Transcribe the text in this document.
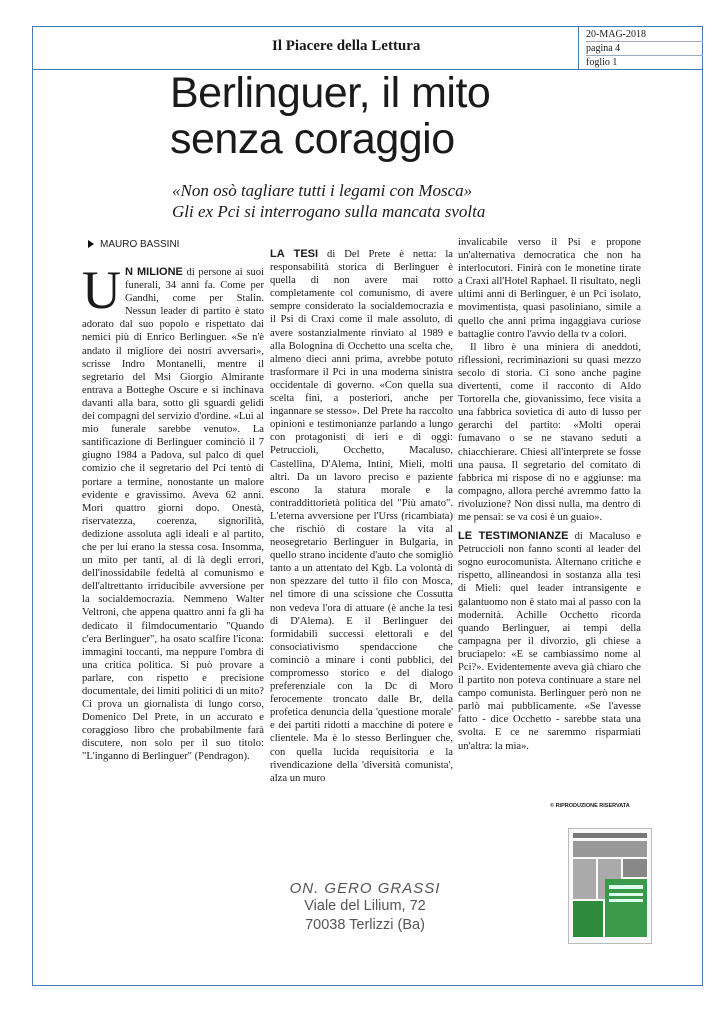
Il Piacere della Lettura
20-MAG-2018
pagina 4
foglio 1
Berlinguer, il mito
senza coraggio
«Non osò tagliare tutti i legami con Mosca»
Gli ex Pci si interrogano sulla mancata svolta
MAURO BASSINI

U N MILIONE di persone ai suoi funerali, 34 anni fa. Come per Gandhi, come per Stalin. Nessun leader di partito è stato adorato dal suo popolo e rispettato dai nemici più di Enrico Berlinguer. «Se n'è andato il migliore dei nostri avversari», scrisse Indro Montanelli, mentre il segretario del Msi Giorgio Almirante entrava a Botteghe Oscure e si inchinava davanti alla bara, sotto gli sguardi gelidi dei compagni del servizio d'ordine. «Lui al mio funerale sarebbe venuto». La santificazione di Berlinguer cominciò il 7 giugno 1984 a Padova, sul palco di quel comizio che il segretario del Pci tentò di portare a termine, nonostante un malore evidente e gravissimo. Aveva 62 anni. Morì quattro giorni dopo. Onestà, riservatezza, coerenza, signorilità, dedizione assoluta agli ideali e al partito, che per lui erano la stessa cosa. Insomma, un mito per tanti, al di là degli errori, dell'inossidabile fedeltà al comunismo e dell'altrettanto irriducibile avversione per la socialdemocrazia. Nemmeno Walter Veltroni, che appena quattro anni fa gli ha dedicato il filmdocumentario "Quando c'era Berlinguer", ha osato scalfire l'icona: immagini toccanti, ma neppure l'ombra di una critica politica. Si può provare a parlare, con rispetto e precisione documentale, dei limiti politici di un mito? Ci prova un giornalista di lungo corso, Domenico Del Prete, in un accurato e coraggioso libro che probabilmente farà discutere, non solo per il suo titolo: "L'inganno di Berlinguer" (Pendragon).

LA TESI di Del Prete è netta: la responsabilità storica di Berlinguer è quella di non avere mai rotto completamente col comunismo, di avere sempre considerato la socialdemocrazia e il Psi di Craxi come il male assoluto, di avere sostanzialmente rinviato al 1989 e alla Bolognina di Occhetto una scelta che, almeno dieci anni prima, avrebbe potuto trasformare il Pci in una moderna sinistra occidentale di governo. «Con quella sua scelta finì, a posteriori, anche per ingannare se stesso». Del Prete ha raccolto opinioni e testimonianze parlando a lungo con protagonisti di ieri e di oggi: Petruccioli, Occhetto, Macaluso, Castellina, D'Alema, Intini, Mieli, molti altri. Da un lavoro preciso e paziente escono la statura morale e la contraddittorietà politica del "Più amato". L'eterna avversione per l'Urss (ricambiata) che rischiò di costare la vita al neosegretario Berlinguer in Bulgaria, in quello strano incidente d'auto che somigliò tanto a un attentato del Kgb. La volontà di non spezzare del tutto il filo con Mosca, nel timore di una scissione che Cossutta non vedeva l'ora di attuare (è anche la tesi di D'Alema). E il Berlinguer dei formidabili successi elettorali e del consociativismo spendaccione che cominciò a minare i conti pubblici, del compromesso storico e del dialogo preferenziale con la Dc di Moro ferocemente troncato dalle Br, della profetica denuncia della 'questione morale' e dei partiti ridotti a macchine di potere e clientele. Ma è lo stesso Berlinguer che, con quella lucida requisitoria e la rivendicazione della 'diversità comunista', alza un muro

invalicabile verso il Psi e propone un'alternativa democratica che non ha interlocutori. Finirà con le monetine tirate a Craxi all'Hotel Raphael. Il risultato, negli ultimi anni di Berlinguer, è un Pci isolato, movimentista, quasi pasoliniano, simile a quello che anni prima ingaggiava curiose battaglie contro l'avvio della tv a colori.

Il libro è una miniera di aneddoti, riflessioni, recriminazioni su quasi mezzo secolo di storia. Ci sono anche pagine divertenti, come il racconto di Aldo Tortorella che, giovanissimo, fece visita a una fabbrica sovietica di auto di lusso per gerarchi del partito: «Molti operai fumavano o se ne stavano seduti a chiacchierare. Chiesi all'interprete se fosse una pausa. Il segretario del comitato di fabbrica mi rispose di no e aggiunse: ma compagno, allora perché avremmo fatto la rivoluzione? Non dissi nulla, ma dentro di me pensai: se va così è un guaio».

LE TESTIMONIANZE di Macaluso e Petruccioli non fanno sconti al leader del sogno eurocomunista. Alternano critiche e rispetto, allineandosi in sostanza alla tesi di Mieli: quel leader intransigente e galantuomo non è stato mai al passo con la modernità. Achille Occhetto ricorda quando Berlinguer, ai tempi della campagna per il divorzio, gli chiese a bruciapelo: «E se cambiassimo nome al Pci?». Evidentemente aveva già chiaro che il partito non poteva continuare a stare nel campo comunista. Berlinguer però non ne parlò mai pubblicamente. «Se l'avesse fatto - dice Occhetto - sarebbe stata una svolta. E ce ne saremmo risparmiati un'altra: la mia».

© RIPRODUZIONE RISERVATA
ON. GERO GRASSI
Viale del Lilium, 72
70038 Terlizzi (Ba)
